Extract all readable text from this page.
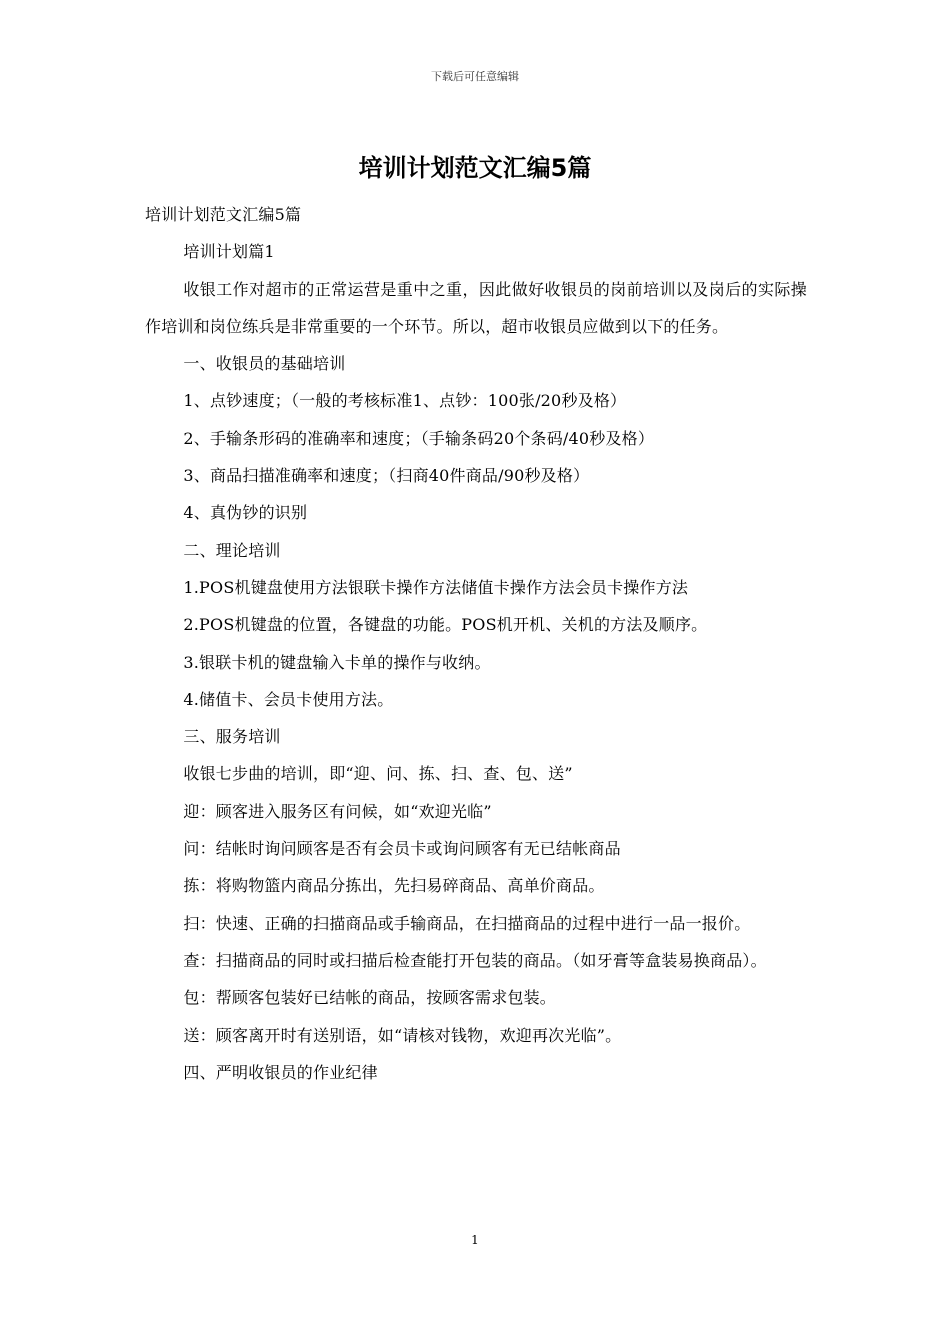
下载后可任意编辑
培训计划范文汇编5篇

培训计划范文汇编5篇

培训计划篇1

收银工作对超市的正常运营是重中之重，因此做好收银员的岗前培训以及岗后的实际操作培训和岗位练兵是非常重要的一个环节。所以，超市收银员应做到以下的任务。

一、收银员的基础培训

1、点钞速度；（一般的考核标准1、点钞：100张/20秒及格）

2、手输条形码的准确率和速度；（手输条码20个条码/40秒及格）

3、商品扫描准确率和速度；（扫商40件商品/90秒及格）

4、真伪钞的识别

二、理论培训

1.POS机键盘使用方法银联卡操作方法储值卡操作方法会员卡操作方法

2.POS机键盘的位置，各键盘的功能。POS机开机、关机的方法及顺序。

3.银联卡机的键盘输入卡单的操作与收纳。

4.储值卡、会员卡使用方法。

三、服务培训

收银七步曲的培训，即“迎、问、拣、扫、查、包、送”

迎：顾客进入服务区有问候，如“欢迎光临”

问：结帐时询问顾客是否有会员卡或询问顾客有无已结帐商品

拣：将购物篮内商品分拣出，先扫易碎商品、高单价商品。

扫：快速、正确的扫描商品或手输商品，在扫描商品的过程中进行一品一报价。

查：扫描商品的同时或扫描后检查能打开包装的商品。（如牙膏等盒装易换商品）。

包：帮顾客包装好已结帐的商品，按顾客需求包装。

送：顾客离开时有送别语，如“请核对钱物，欢迎再次光临”。

四、严明收银员的作业纪律

1
